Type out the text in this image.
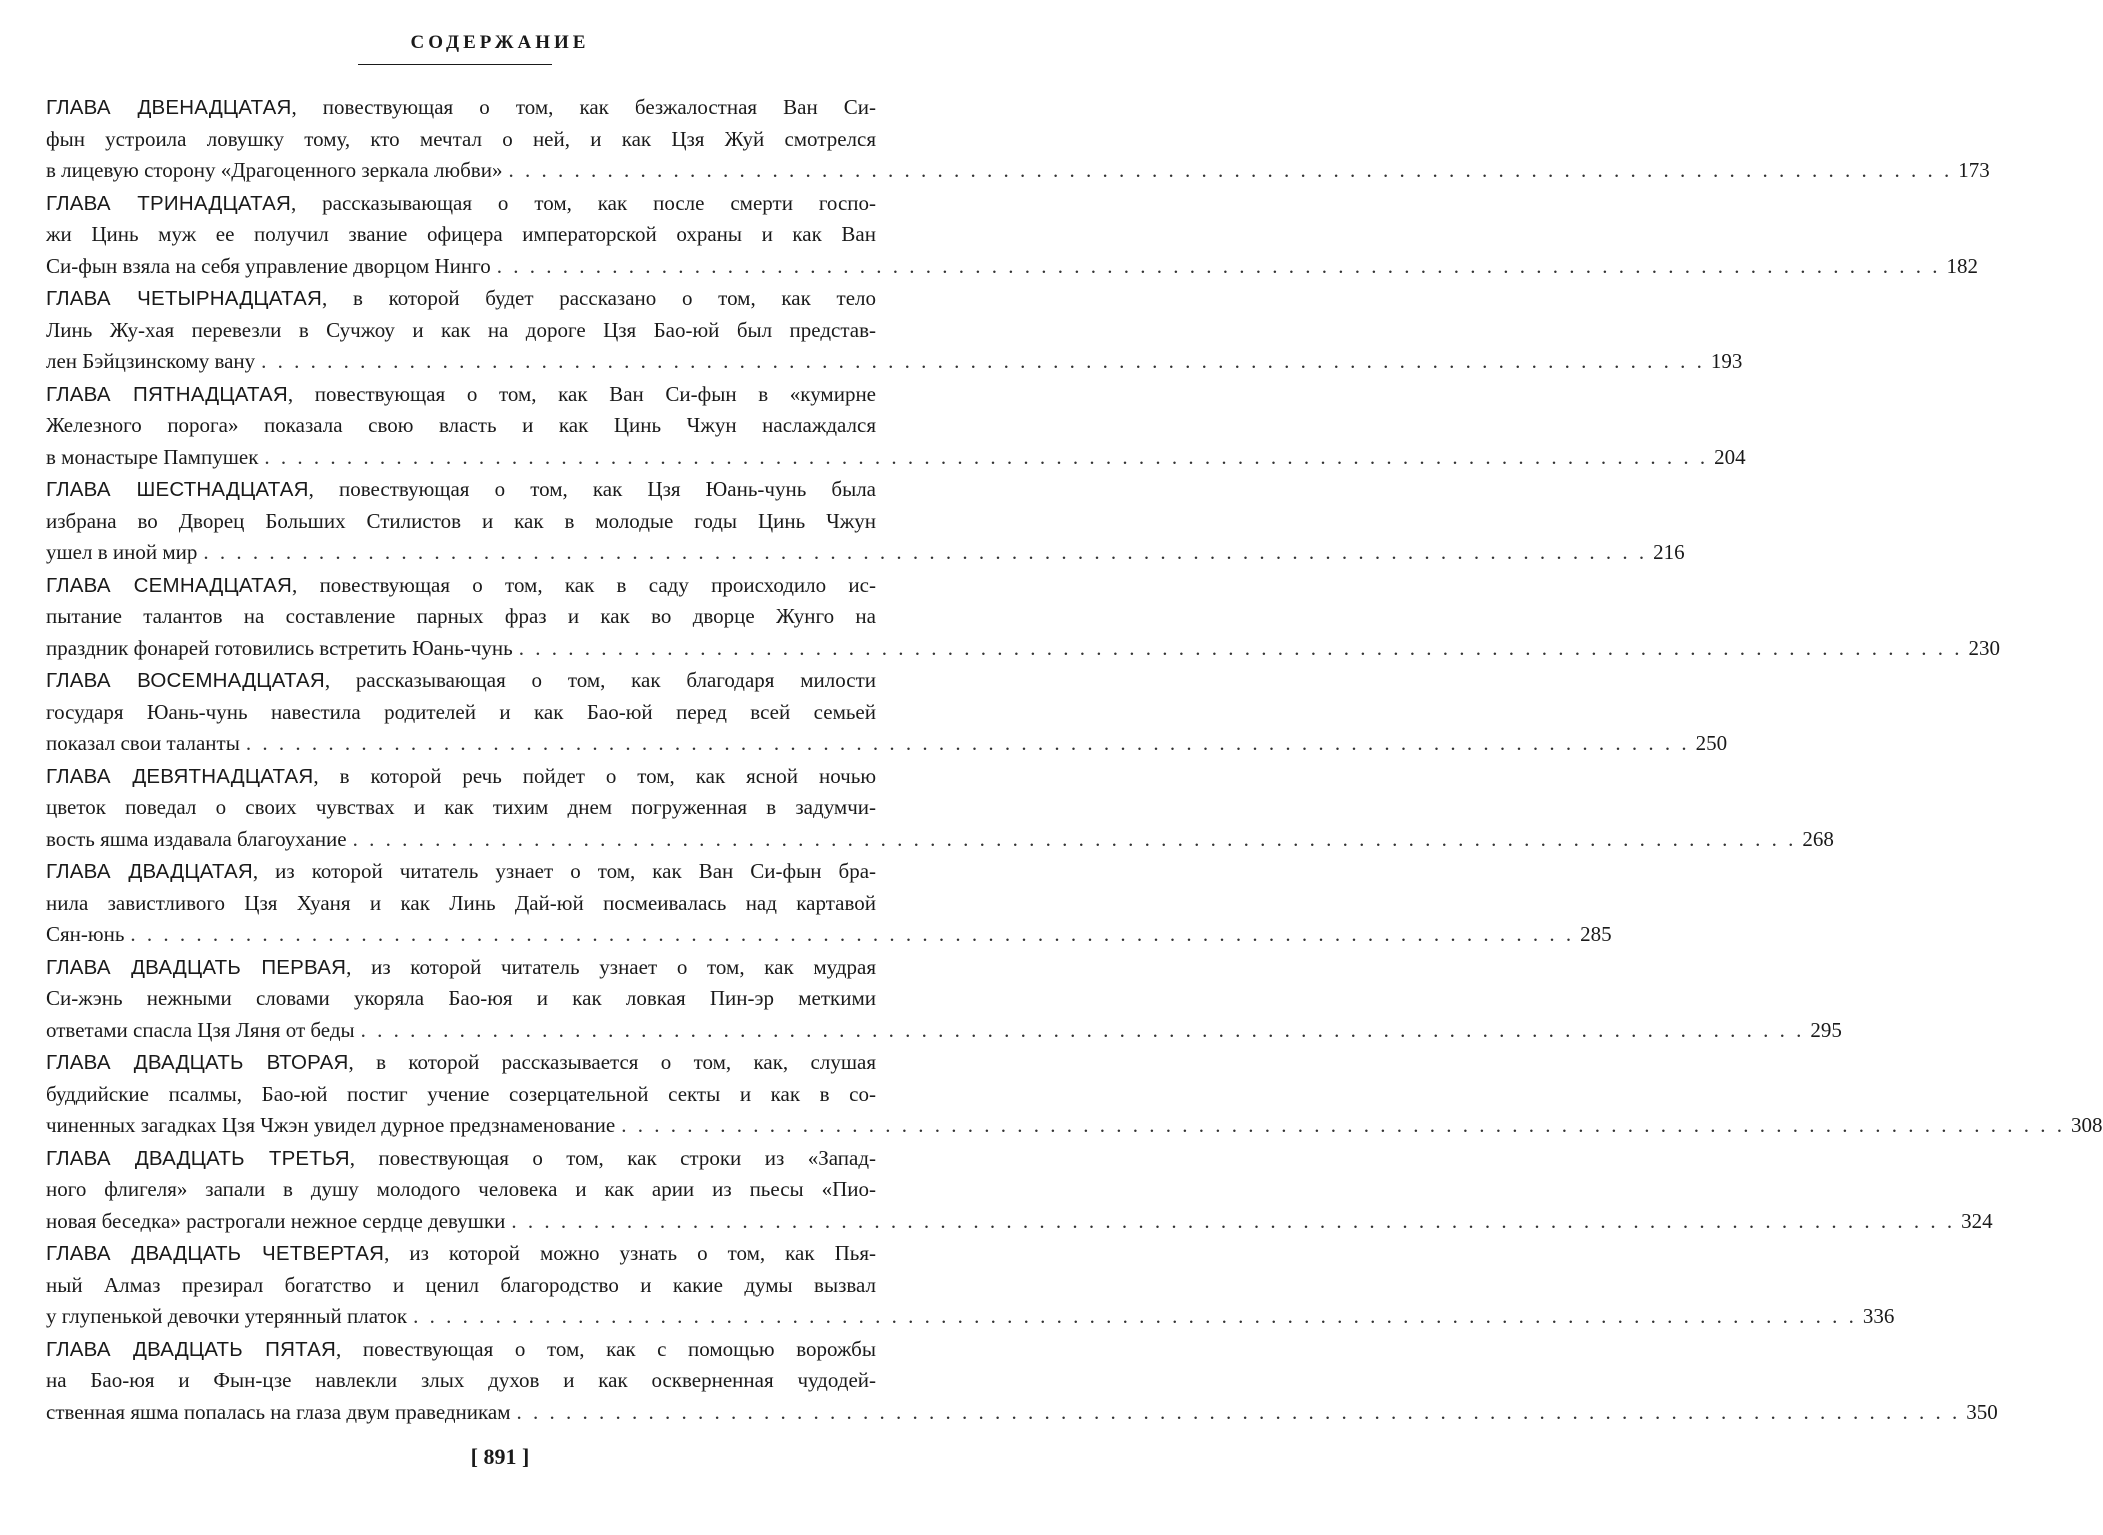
СОДЕРЖАНИЕ
ГЛАВА ДВЕНАДЦАТАЯ, повествующая о том, как безжалостная Ван Си-
фын устроила ловушку тому, кто мечтал о ней, и как Цзя Жуй смотрелся
в лицевую сторону «Драгоценного зеркала любви» . . . . . . . . . . . . . . . . . . . . . . . . . . . . . . . . . . . . . . . . . . . . . . . . . . . . . . . . . . . . . . . . . . . . . . . . . . . . . . . . . . . . . . . . 173
ГЛАВА ТРИНАДЦАТАЯ, рассказывающая о том, как после смерти госпо-
жи Цинь муж ее получил звание офицера императорской охраны и как Ван
Си-фын взяла на себя управление дворцом Нинго . . . . . . . . . . . . . . . . . . . . . . . . . . . . . . . . . . . . . . . . . . . . . . . . . . . . . . . . . . . . . . . . . . . . . . . . . . . . . . . . . . . . . . . . 182
ГЛАВА ЧЕТЫРНАДЦАТАЯ, в которой будет рассказано о том, как тело
Линь Жу-хая перевезли в Сучжоу и как на дороге Цзя Бао-юй был представ-
лен Бэйцзинскому вану . . . . . . . . . . . . . . . . . . . . . . . . . . . . . . . . . . . . . . . . . . . . . . . . . . . . . . . . . . . . . . . . . . . . . . . . . . . . . . . . . . . . . . . . 193
ГЛАВА ПЯТНАДЦАТАЯ, повествующая о том, как Ван Си-фын в «кумирне
Железного порога» показала свою власть и как Цинь Чжун наслаждался
в монастыре Пампушек . . . . . . . . . . . . . . . . . . . . . . . . . . . . . . . . . . . . . . . . . . . . . . . . . . . . . . . . . . . . . . . . . . . . . . . . . . . . . . . . . . . . . . . . 204
ГЛАВА ШЕСТНАДЦАТАЯ, повествующая о том, как Цзя Юань-чунь была
избрана во Дворец Больших Стилистов и как в молодые годы Цинь Чжун
ушел в иной мир . . . . . . . . . . . . . . . . . . . . . . . . . . . . . . . . . . . . . . . . . . . . . . . . . . . . . . . . . . . . . . . . . . . . . . . . . . . . . . . . . . . . . . . . 216
ГЛАВА СЕМНАДЦАТАЯ, повествующая о том, как в саду происходило ис-
пытание талантов на составление парных фраз и как во дворце Жунго на
праздник фонарей готовились встретить Юань-чунь . . . . . . . . . . . . . . . . . . . . . . . . . . . . . . . . . . . . . . . . . . . . . . . . . . . . . . . . . . . . . . . . . . . . . . . . . . . . . . . . . . . . . . . . 230
ГЛАВА ВОСЕМНАДЦАТАЯ, рассказывающая о том, как благодаря милости
государя Юань-чунь навестила родителей и как Бао-юй перед всей семьей
показал свои таланты . . . . . . . . . . . . . . . . . . . . . . . . . . . . . . . . . . . . . . . . . . . . . . . . . . . . . . . . . . . . . . . . . . . . . . . . . . . . . . . . . . . . . . . . 250
ГЛАВА ДЕВЯТНАДЦАТАЯ, в которой речь пойдет о том, как ясной ночью
цветок поведал о своих чувствах и как тихим днем погруженная в задумчи-
вость яшма издавала благоухание . . . . . . . . . . . . . . . . . . . . . . . . . . . . . . . . . . . . . . . . . . . . . . . . . . . . . . . . . . . . . . . . . . . . . . . . . . . . . . . . . . . . . . . . 268
ГЛАВА ДВАДЦАТАЯ, из которой читатель узнает о том, как Ван Си-фын бра-
нила завистливого Цзя Хуаня и как Линь Дай-юй посмеивалась над картавой
Сян-юнь . . . . . . . . . . . . . . . . . . . . . . . . . . . . . . . . . . . . . . . . . . . . . . . . . . . . . . . . . . . . . . . . . . . . . . . . . . . . . . . . . . . . . . . . 285
ГЛАВА ДВАДЦАТЬ ПЕРВАЯ, из которой читатель узнает о том, как мудрая
Си-жэнь нежными словами укоряла Бао-юя и как ловкая Пин-эр меткими
ответами спасла Цзя Ляня от беды . . . . . . . . . . . . . . . . . . . . . . . . . . . . . . . . . . . . . . . . . . . . . . . . . . . . . . . . . . . . . . . . . . . . . . . . . . . . . . . . . . . . . . . . 295
ГЛАВА ДВАДЦАТЬ ВТОРАЯ, в которой рассказывается о том, как, слушая
буддийские псалмы, Бао-юй постиг учение созерцательной секты и как в со-
чиненных загадках Цзя Чжэн увидел дурное предзнаменование . . . . . . . . . . . . . . . . . . . . . . . . . . . . . . . . . . . . . . . . . . . . . . . . . . . . . . . . . . . . . . . . . . . . . . . . . . . . . . . . . . . . . . . . 308
ГЛАВА ДВАДЦАТЬ ТРЕТЬЯ, повествующая о том, как строки из «Запад-
ного флигеля» запали в душу молодого человека и как арии из пьесы «Пио-
новая беседка» растрогали нежное сердце девушки . . . . . . . . . . . . . . . . . . . . . . . . . . . . . . . . . . . . . . . . . . . . . . . . . . . . . . . . . . . . . . . . . . . . . . . . . . . . . . . . . . . . . . . . 324
ГЛАВА ДВАДЦАТЬ ЧЕТВЕРТАЯ, из которой можно узнать о том, как Пья-
ный Алмаз презирал богатство и ценил благородство и какие думы вызвал
у глупенькой девочки утерянный платок . . . . . . . . . . . . . . . . . . . . . . . . . . . . . . . . . . . . . . . . . . . . . . . . . . . . . . . . . . . . . . . . . . . . . . . . . . . . . . . . . . . . . . . . 336
ГЛАВА ДВАДЦАТЬ ПЯТАЯ, повествующая о том, как с помощью ворожбы
на Бао-юя и Фын-цзе навлекли злых духов и как оскверненная чудодей-
ственная яшма попалась на глаза двум праведникам . . . . . . . . . . . . . . . . . . . . . . . . . . . . . . . . . . . . . . . . . . . . . . . . . . . . . . . . . . . . . . . . . . . . . . . . . . . . . . . . . . . . . . . . 350
[ 891 ]
